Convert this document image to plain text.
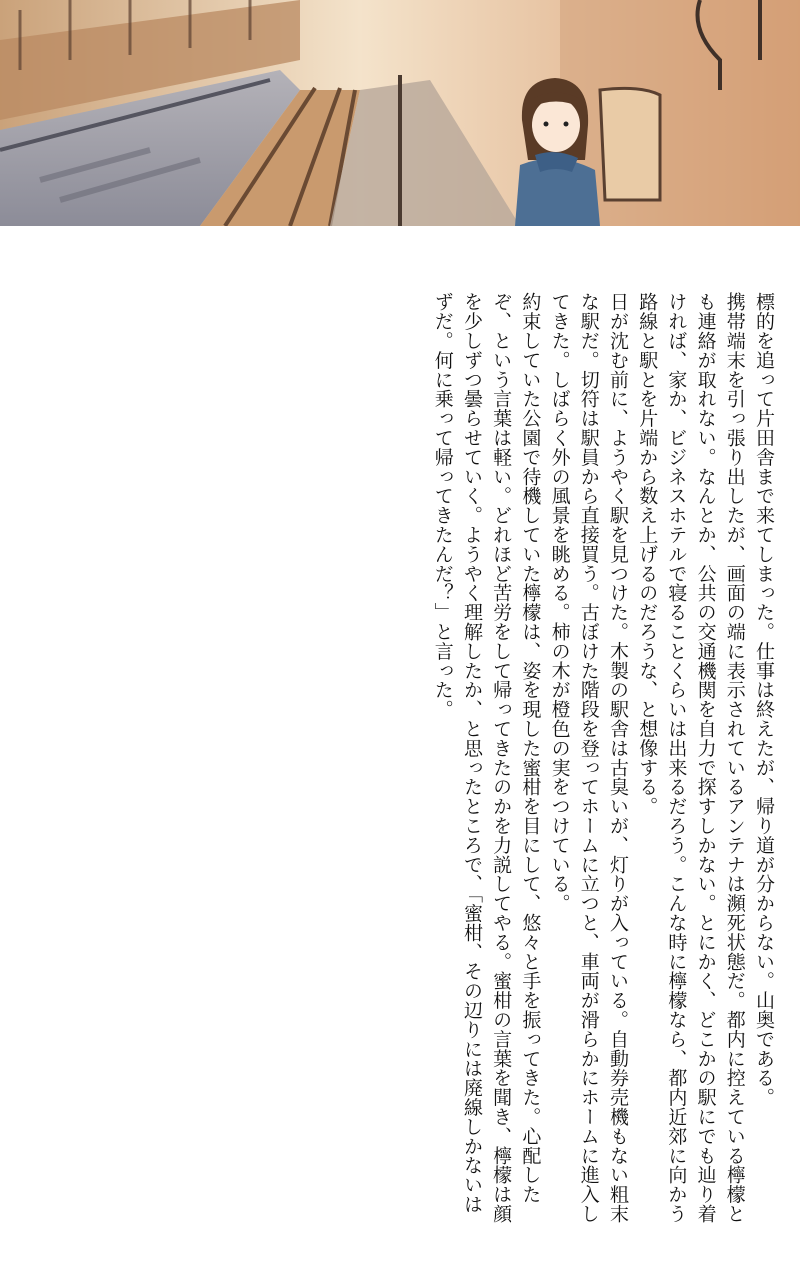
標的を追って片田舎まで来てしまった。仕事は終えたが、帰り道が分からない。山奥である。

携帯端末を引っ張り出したが、画面の端に表示されているアンテナは瀕死状態だ。都内に控えている檸檬とも連絡が取れない。なんとか、公共の交通機関を自力で探すしかない。とにかく、どこかの駅にでも辿り着ければ、家か、ビジネスホテルで寝ることくらいは出来るだろう。こんな時に檸檬なら、都内近郊に向かう路線と駅とを片端から数え上げるのだろうな、と想像する。

日が沈む前に、ようやく駅を見つけた。木製の駅舎は古臭いが、灯りが入っている。自動券売機もない粗末な駅だ。切符は駅員から直接買う。古ぼけた階段を登ってホームに立つと、車両が滑らかにホームに進入してきた。しばらく外の風景を眺める。柿の木が橙色の実をつけている。

約束していた公園で待機していた檸檬は、姿を現した蜜柑を目にして、悠々と手を振ってきた。心配したぞ、という言葉は軽い。どれほど苦労をして帰ってきたのかを力説してやる。蜜柑の言葉を聞き、檸檬は顔を少しずつ曇らせていく。ようやく理解したか、と思ったところで、「蜜柑、その辺りには廃線しかないはずだ。何に乗って帰ってきたんだ？」と言った。
